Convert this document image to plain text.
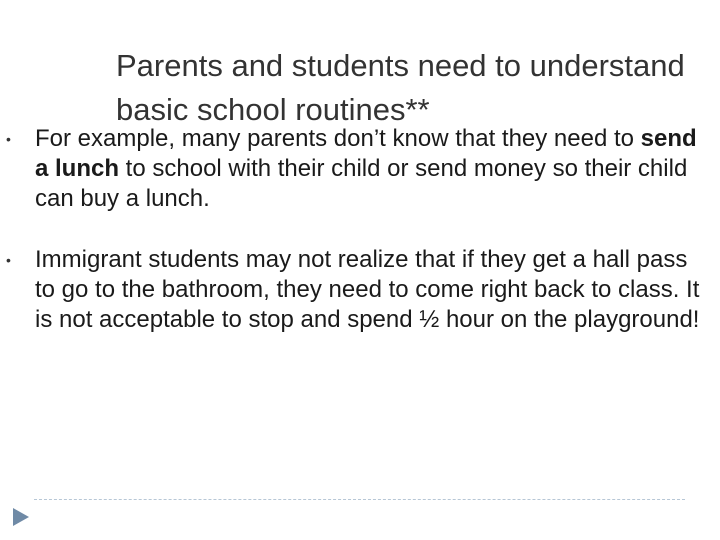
Parents and students need to understand basic school routines**
• For example, many parents don’t know that they need to send a lunch to school with their child or send money so their child can buy a lunch.
• Immigrant students may not realize that if they get a hall pass to go to the bathroom, they need to come right back to class. It is not acceptable to stop and spend ½ hour on the playground!
